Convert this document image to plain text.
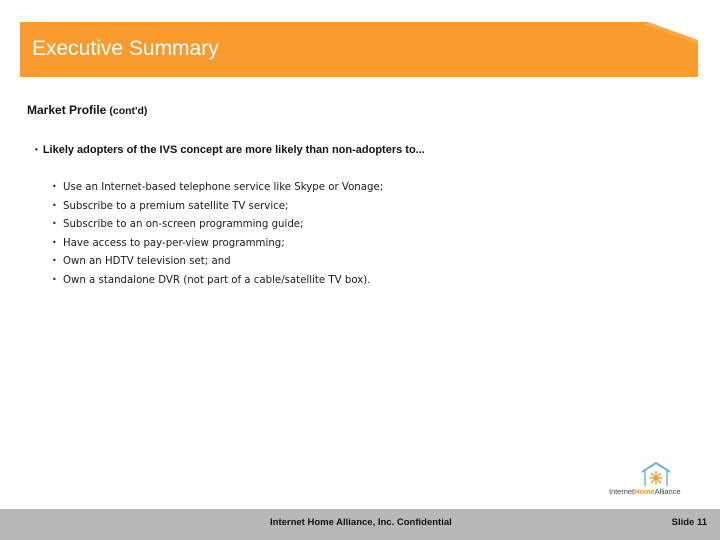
Executive Summary
Market Profile (cont'd)
• Likely adopters of the IVS concept are more likely than non-adopters to...
• Use an Internet-based telephone service like Skype or Vonage;
• Subscribe to a premium satellite TV service;
• Subscribe to an on-screen programming guide;
• Have access to pay-per-view programming;
• Own an HDTV television set; and
• Own a standalone DVR (not part of a cable/satellite TV box).
InternetHomeAlliance
Internet Home Alliance, Inc. Confidential	Slide 11
